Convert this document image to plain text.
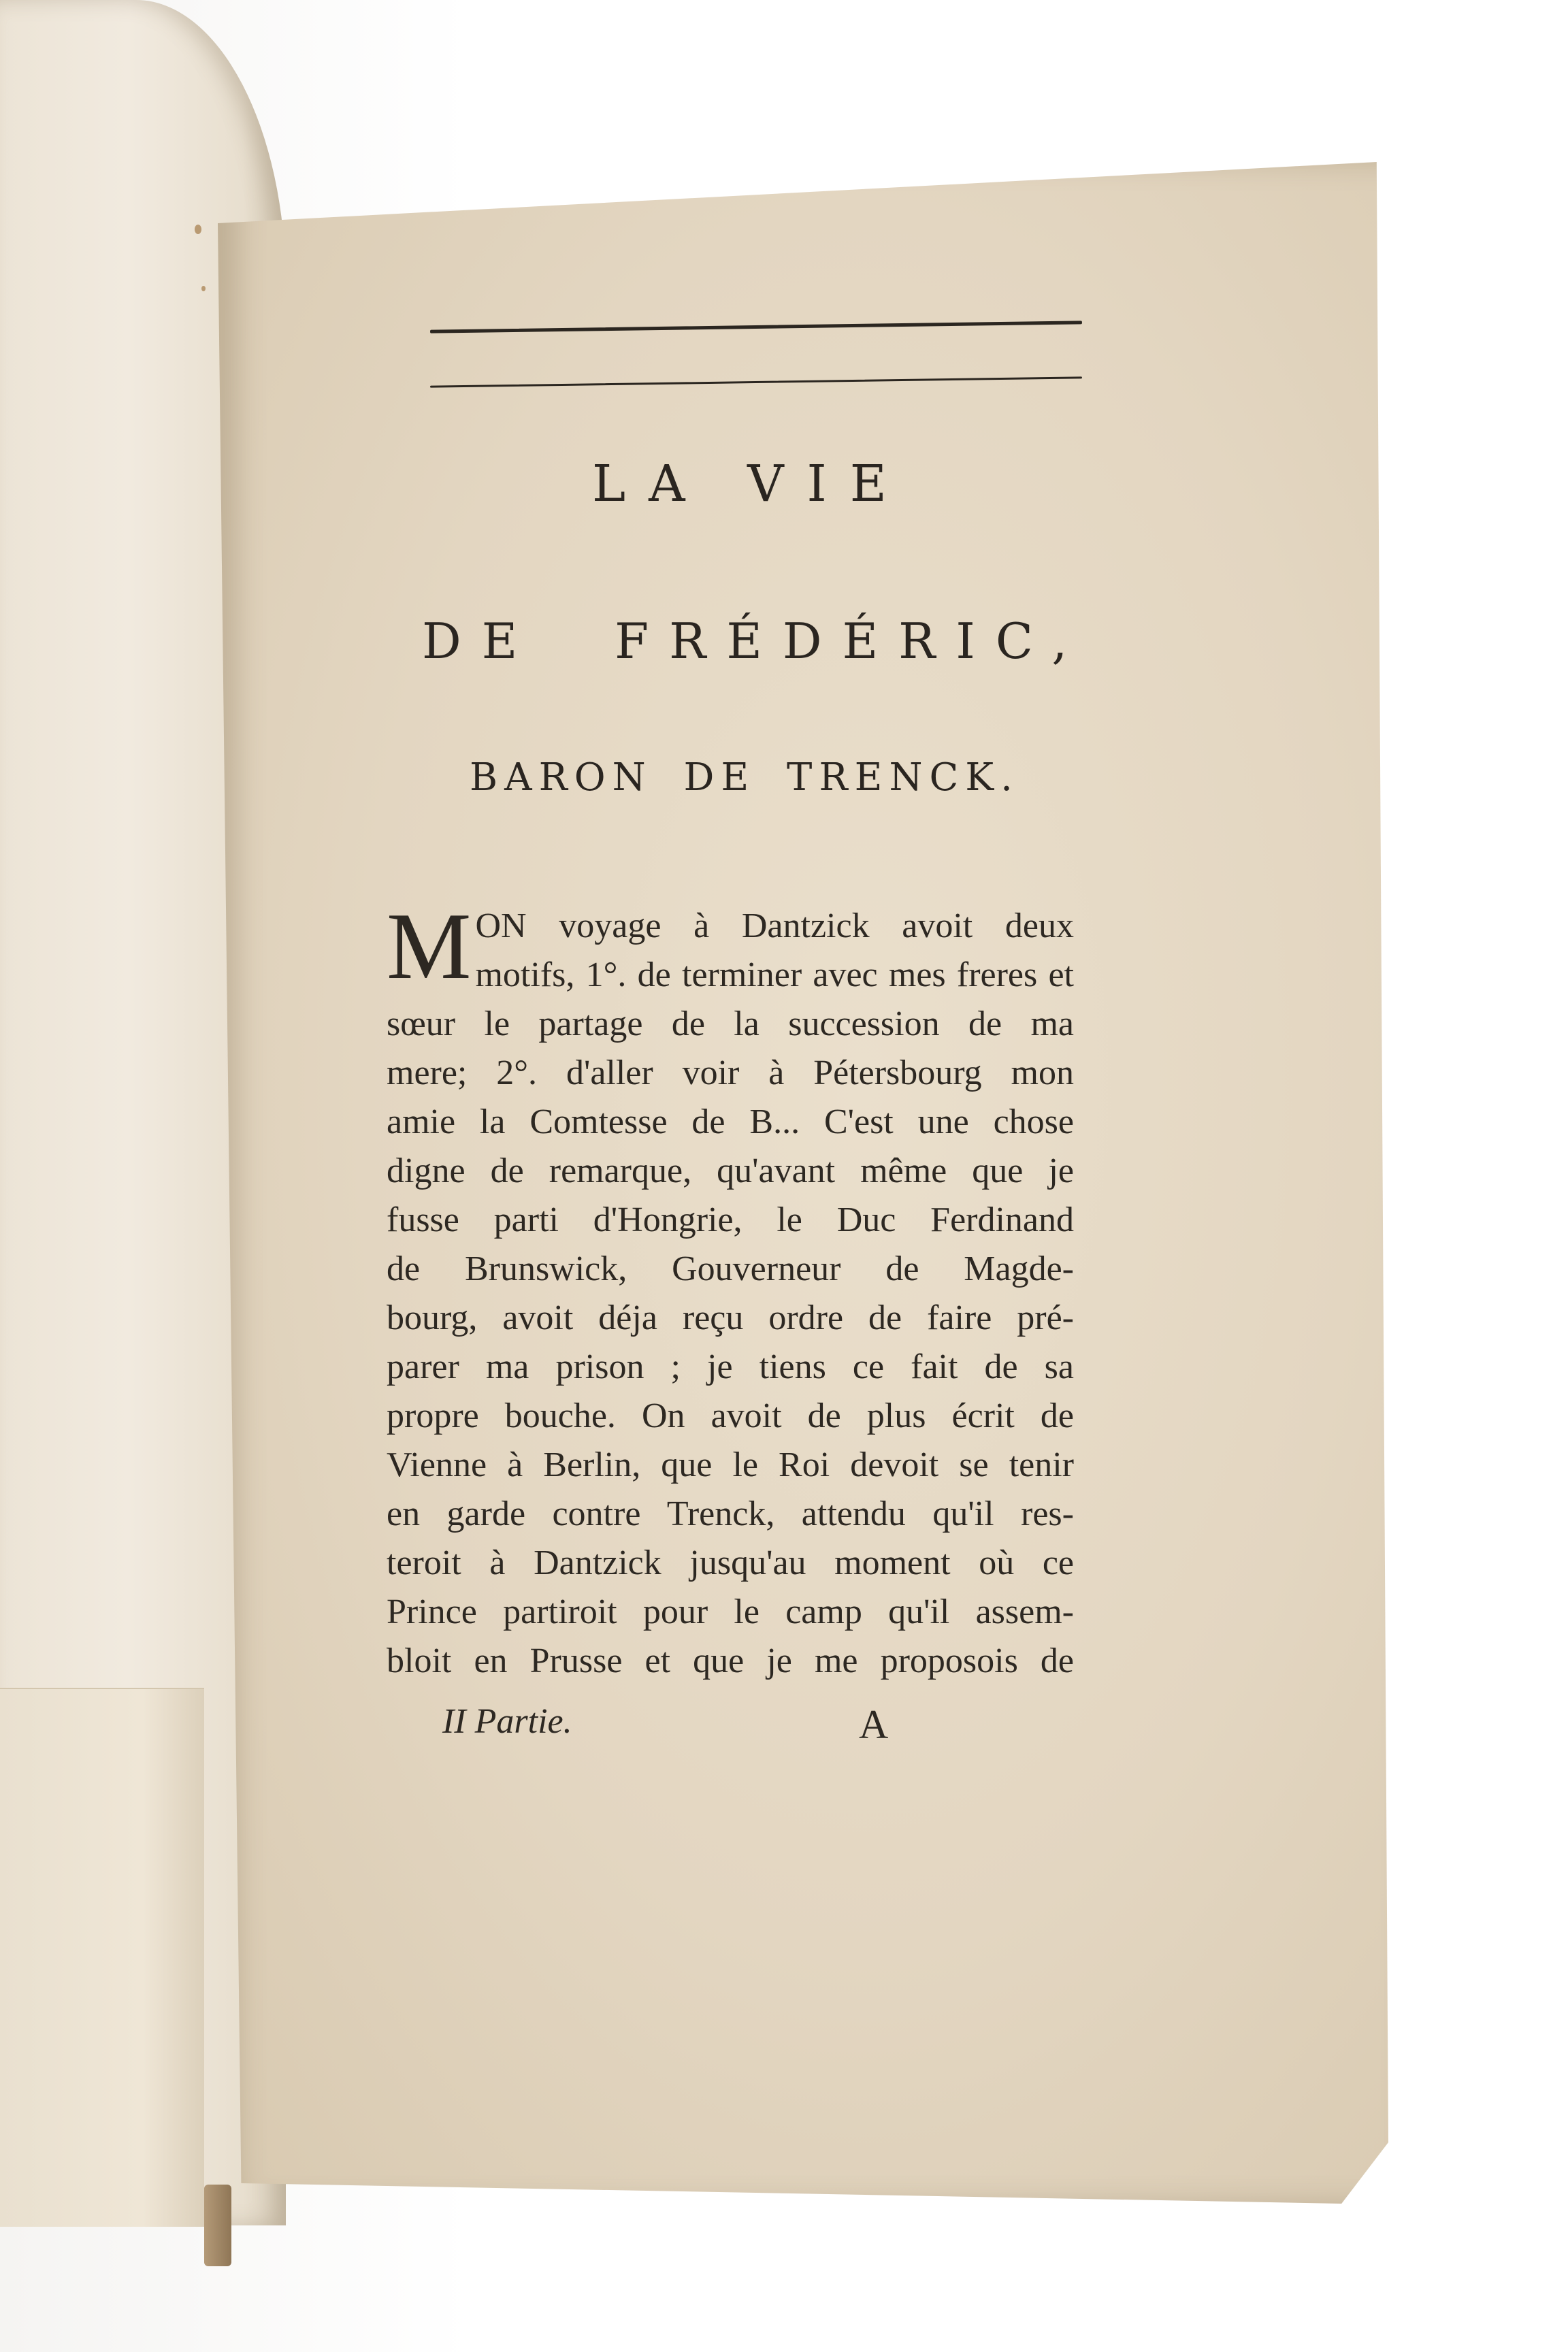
LA VIE
DE FRÉDÉRIC,
BARON DE TRENCK.
M ON voyage à Dantzick avoit deux
motifs, 1°. de terminer avec mes freres et
sœur le partage de la succession de ma
mere; 2°. d'aller voir à Pétersbourg mon
amie la Comtesse de B... C'est une chose
digne de remarque, qu'avant même que je
fusse parti d'Hongrie, le Duc Ferdinand
de Brunswick, Gouverneur de Magde-
bourg, avoit déja reçu ordre de faire pré-
parer ma prison ; je tiens ce fait de sa
propre bouche. On avoit de plus écrit de
Vienne à Berlin, que le Roi devoit se tenir
en garde contre Trenck, attendu qu'il res-
teroit à Dantzick jusqu'au moment où ce
Prince partiroit pour le camp qu'il assem-
bloit en Prusse et que je me proposois de
II Partie.	A
